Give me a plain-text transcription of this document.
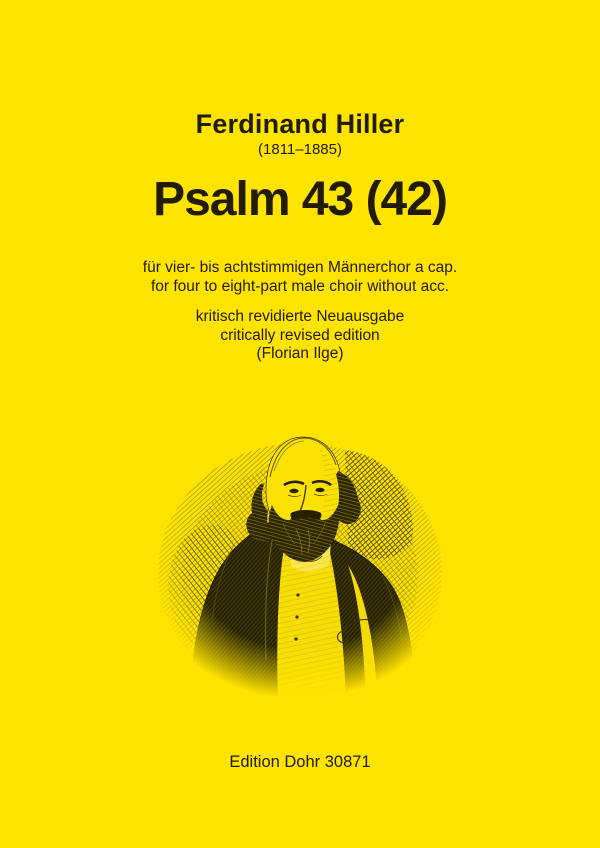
Ferdinand Hiller
(1811–1885)
Psalm 43 (42)
für vier- bis achtstimmigen Männerchor a cap.
for four to eight-part male choir without acc.
kritisch revidierte Neuausgabe
critically revised edition
(Florian Ilge)
Edition Dohr 30871
